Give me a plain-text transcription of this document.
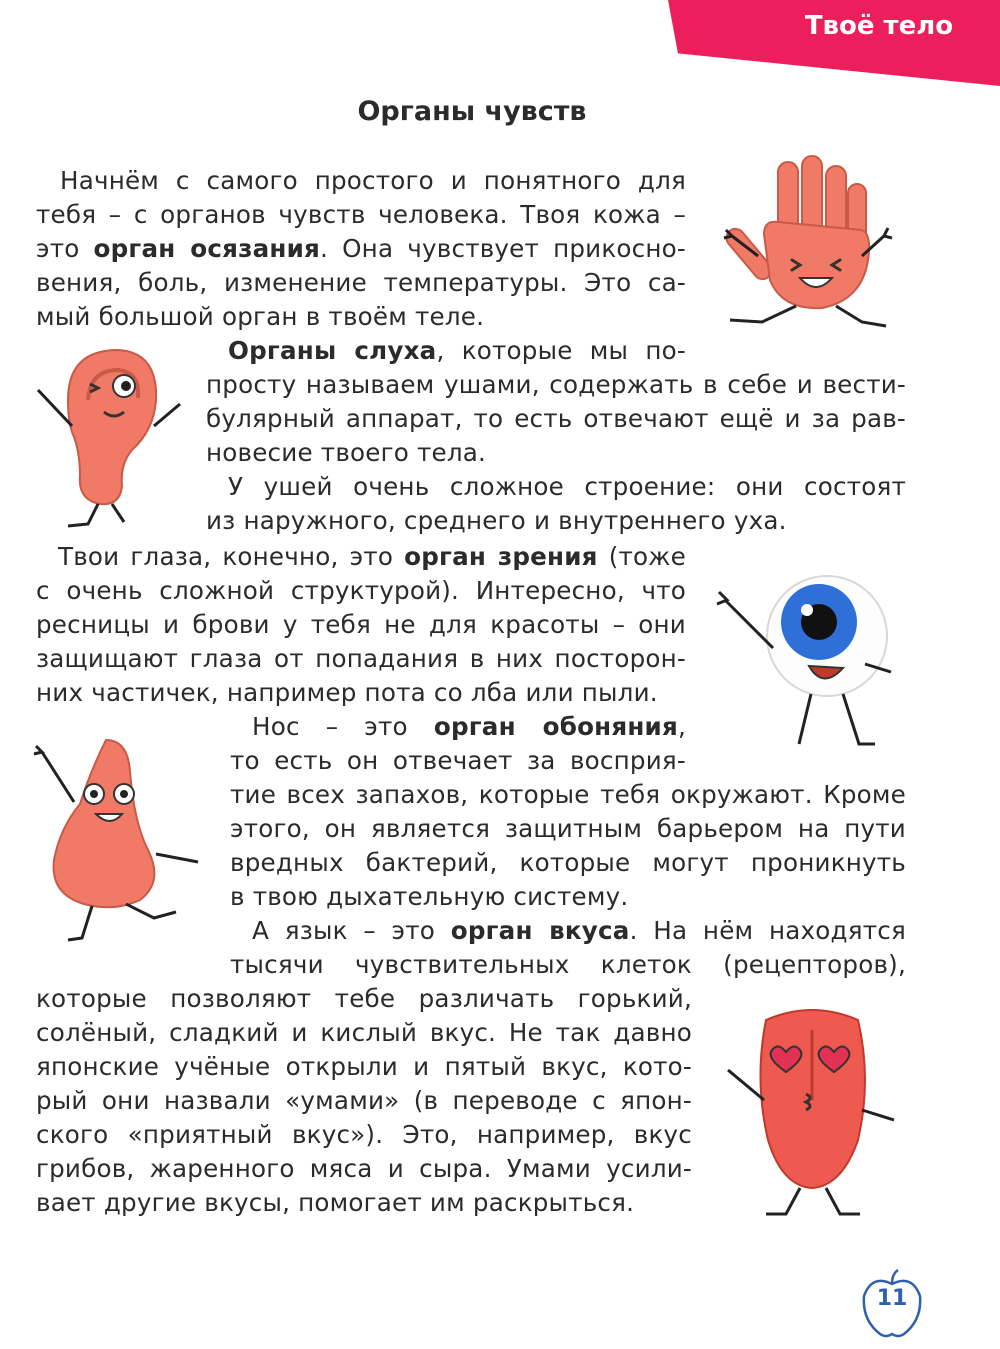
Твоё тело
Органы чувств
Начнём с самого простого и понятного для
тебя – с органов чувств человека. Твоя кожа –
это орган осязания. Она чувствует прикосно-
вения, боль, изменение температуры. Это са-
мый большой орган в твоём теле.
Органы слуха, которые мы по-
просту называем ушами, содержать в себе и вести-
булярный аппарат, то есть отвечают ещё и за рав-
новесие твоего тела.
У ушей очень сложное строение: они состоят
из наружного, среднего и внутреннего уха.
Твои глаза, конечно, это орган зрения (тоже
с очень сложной структурой). Интересно, что
ресницы и брови у тебя не для красоты – они
защищают глаза от попадания в них посторон-
них частичек, например пота со лба или пыли.
Нос – это орган обоняния,
то есть он отвечает за восприя-
тие всех запахов, которые тебя окружают. Кроме
этого, он является защитным барьером на пути
вредных бактерий, которые могут проникнуть
в твою дыхательную систему.
А язык – это орган вкуса. На нём находятся
тысячи чувствительных клеток (рецепторов),
которые позволяют тебе различать горький,
солёный, сладкий и кислый вкус. Не так давно
японские учёные открыли и пятый вкус, кото-
рый они назвали «умами» (в переводе с япон-
ского «приятный вкус»). Это, например, вкус
грибов, жаренного мяса и сыра. Умами усили-
вает другие вкусы, помогает им раскрыться.
11
